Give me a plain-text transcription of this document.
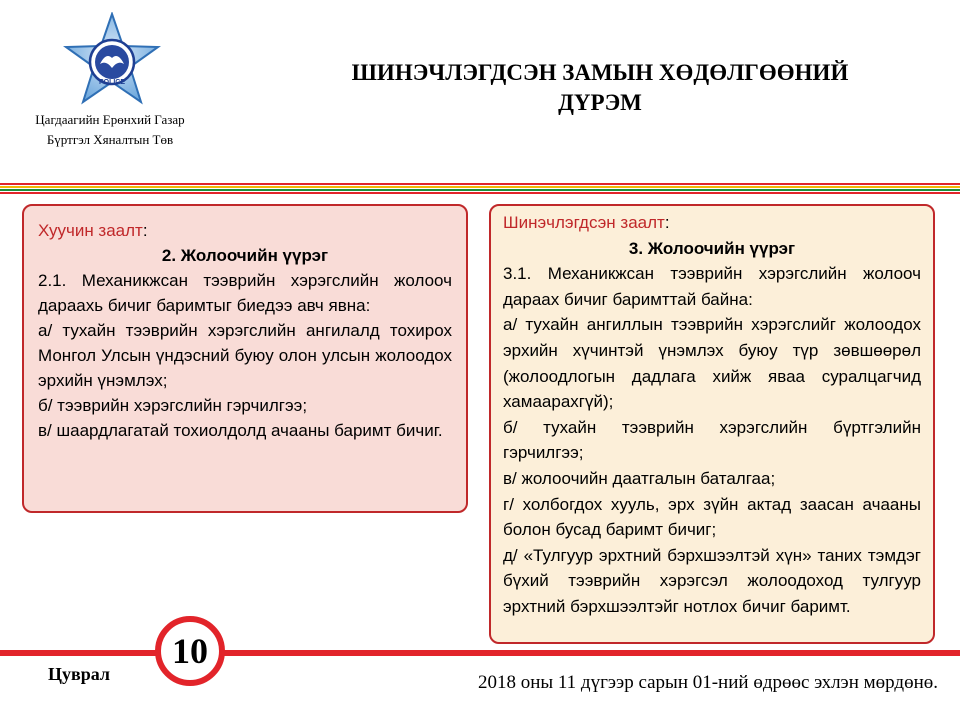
POLICE
Цагдаагийн Ерөнхий Газар
Бүртгэл Хяналтын Төв
ШИНЭЧЛЭГДСЭН ЗАМЫН ХӨДӨЛГӨӨНИЙ
ДҮРЭМ
Хуучин заалт:
2. Жолоочийн үүрэг

2.1. Механикжсан тээврийн хэрэгслийн жолооч дараахь бичиг баримтыг биедээ авч явна:

а/ тухайн тээврийн хэрэгслийн ангилалд тохирох Монгол Улсын үндэсний буюу олон улсын жолоодох эрхийн үнэмлэх;

б/ тээврийн хэрэгслийн гэрчилгээ;

в/ шаардлагатай тохиолдолд ачааны баримт бичиг.

Шинэчлэгдсэн заалт:
3. Жолоочийн үүрэг

3.1. Механикжсан тээврийн хэрэгслийн жолооч дараах бичиг баримттай байна:

а/ тухайн ангиллын тээврийн хэрэгслийг жолоодох эрхийн хүчинтэй үнэмлэх буюу түр зөвшөөрөл (жолоодлогын дадлага хийж яваа суралцагчид хамаарахгүй);

б/ тухайн тээврийн хэрэгслийн бүртгэлийн гэрчилгээ;

в/ жолоочийн даатгалын баталгаа;

г/ холбогдох хууль, эрх зүйн актад заасан ачааны болон бусад баримт бичиг;

д/ «Тулгуур эрхтний бэрхшээлтэй хүн» таних тэмдэг бүхий тээврийн хэрэгсэл жолоодоход тулгуур эрхтний бэрхшээлтэйг нотлох бичиг баримт.

10
Цуврал	2018 оны 11 дүгээр сарын 01-ний өдрөөс эхлэн мөрдөнө.
